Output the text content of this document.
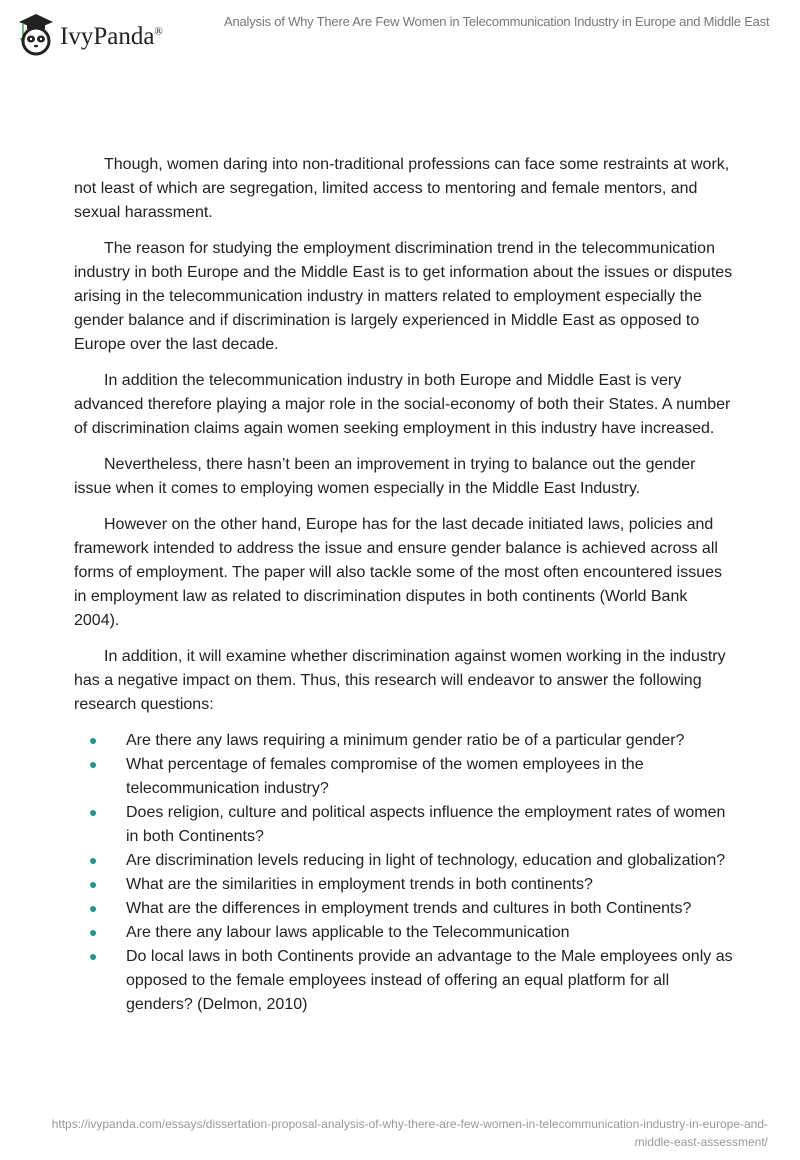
IvyPanda®
Analysis of Why There Are Few Women in Telecommunication Industry in Europe and Middle East

Though, women daring into non-traditional professions can face some restraints at work, not least of which are segregation, limited access to mentoring and female mentors, and sexual harassment.

The reason for studying the employment discrimination trend in the telecommunication industry in both Europe and the Middle East is to get information about the issues or disputes arising in the telecommunication industry in matters related to employment especially the gender balance and if discrimination is largely experienced in Middle East as opposed to Europe over the last decade.

In addition the telecommunication industry in both Europe and Middle East is very advanced therefore playing a major role in the social-economy of both their States. A number of discrimination claims again women seeking employment in this industry have increased.

Nevertheless, there hasn’t been an improvement in trying to balance out the gender issue when it comes to employing women especially in the Middle East Industry.

However on the other hand, Europe has for the last decade initiated laws, policies and framework intended to address the issue and ensure gender balance is achieved across all forms of employment. The paper will also tackle some of the most often encountered issues in employment law as related to discrimination disputes in both continents (World Bank 2004).

In addition, it will examine whether discrimination against women working in the industry has a negative impact on them. Thus, this research will endeavor to answer the following research questions:

Are there any laws requiring a minimum gender ratio be of a particular gender?
What percentage of females compromise of the women employees in the telecommunication industry?
Does religion, culture and political aspects influence the employment rates of women in both Continents?
Are discrimination levels reducing in light of technology, education and globalization?
What are the similarities in employment trends in both continents?
What are the differences in employment trends and cultures in both Continents?
Are there any labour laws applicable to the Telecommunication
Do local laws in both Continents provide an advantage to the Male employees only as opposed to the female employees instead of offering an equal platform for all genders? (Delmon, 2010)
https://ivypanda.com/essays/dissertation-proposal-analysis-of-why-there-are-few-women-in-telecommunication-industry-in-europe-and-middle-east-assessment/
